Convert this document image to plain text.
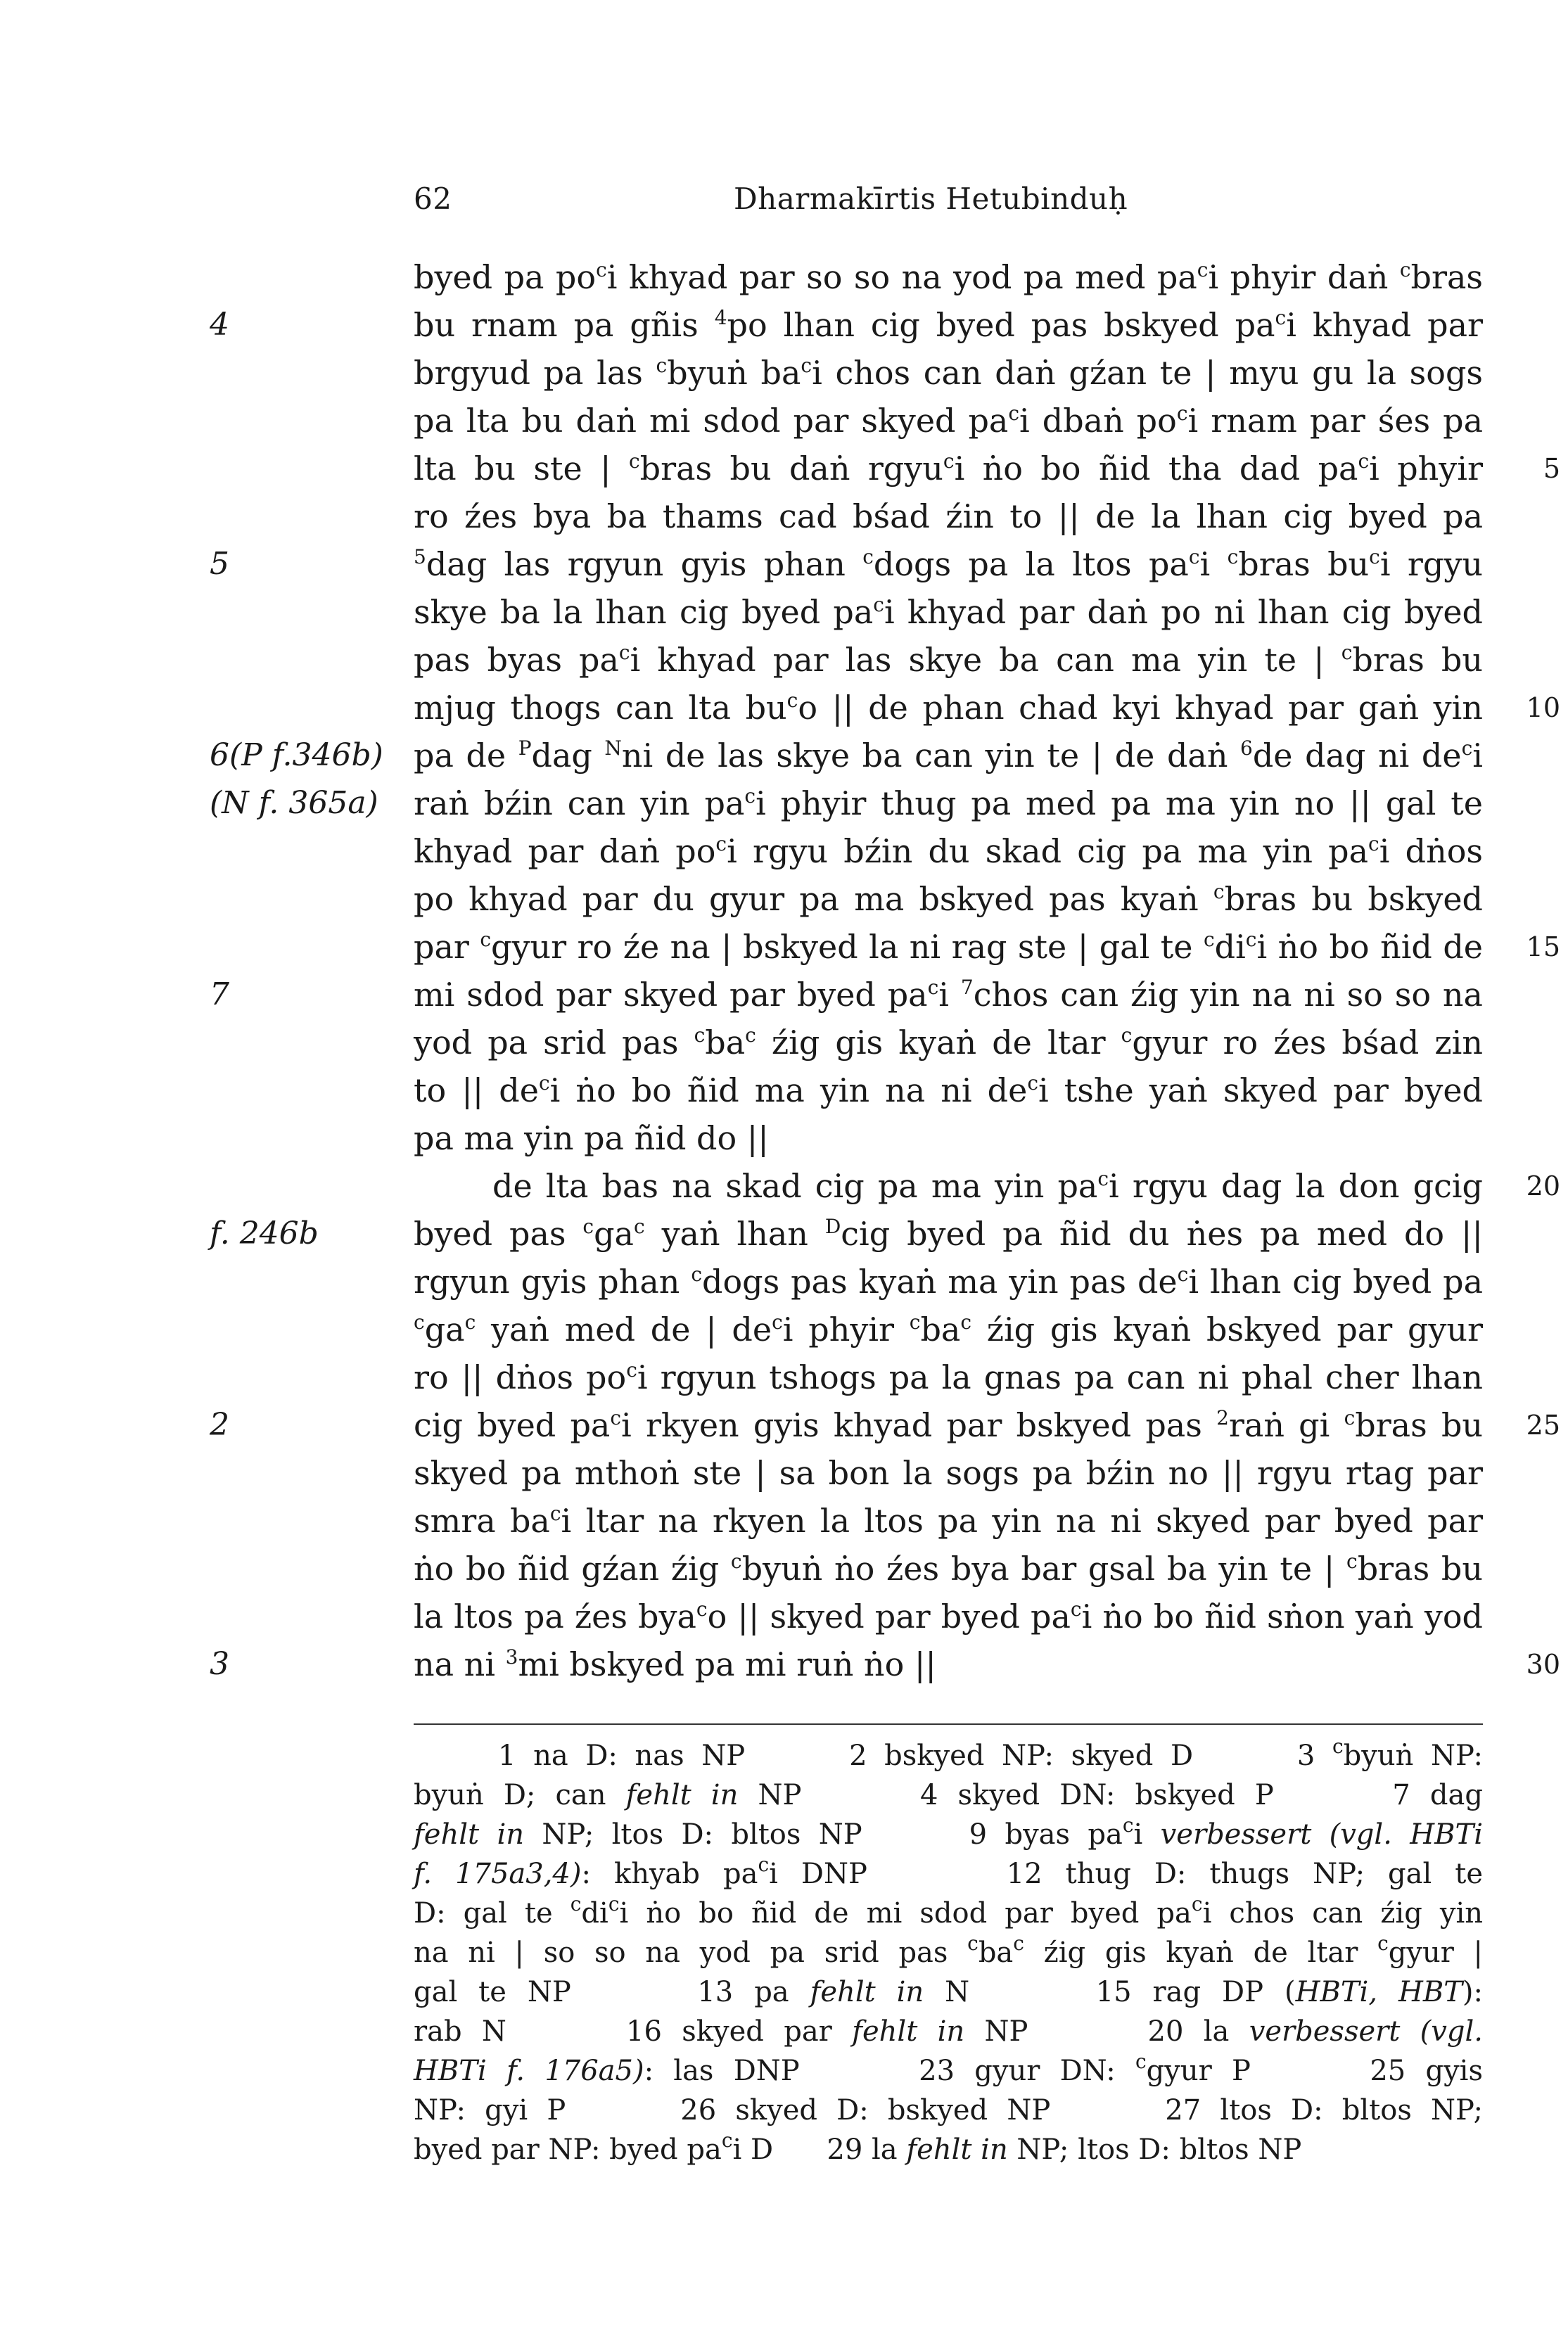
62	Dharmakīrtis Hetubinduḥ
byed pa $po^ci$ khyad par so so na yod pa med $pa^ci$ phyir daṅ $^c$bras
bu rnam pa gñis $^4$po lhan cig byed pas bskyed $pa^ci$ khyad par
4
brgyud pa las $^c$byuṅ $ba^ci$ chos can daṅ gźan te | myu gu la sogs
pa lta bu daṅ mi sdod par skyed $pa^ci$ dbaṅ $po^ci$ rnam par śes pa
lta bu ste | $^c$bras bu daṅ rgyu$^c$i ṅo bo ñid tha dad $pa^ci$ phyir 5
ro źes bya ba thams cad bśad źin to || de la lhan cig byed pa
$^5$dag las rgyun gyis phan $^c$dogs pa la ltos $pa^ci$ $^c$bras $bu^ci$ rgyu
5
skye ba la lhan cig byed $pa^ci$ khyad par daṅ po ni lhan cig byed
pas byas $pa^ci$ khyad par las skye ba can ma yin te | $^c$bras bu
mjug thogs can lta $bu^co$ || de phan chad kyi khyad par gaṅ yin 10
pa de $^P$dag $^N$ni de las skye ba can yin te | de daṅ $^6$de dag ni $de^ci$
6(P f.346b)
raṅ bźin can yin $pa^ci$ phyir thug pa med pa ma yin no || gal te
(N f. 365a)
khyad par daṅ $po^ci$ rgyu bźin du skad cig pa ma yin $pa^ci$ dṅos
po khyad par du gyur pa ma bskyed pas kyaṅ $^c$bras bu bskyed
par $^c$gyur ro źe na | bskyed la ni rag ste | gal te $^cdi^ci$ ṅo bo ñid de 15
mi sdod par skyed par byed $pa^ci$ $^7$chos can źig yin na ni so so na
7
yod pa srid pas $^cba^c$ źig gis kyaṅ de ltar $^c$gyur ro źes bśad zin
to || $de^ci$ ṅo bo ñid ma yin na ni $de^ci$ tshe yaṅ skyed par byed
pa ma yin pa ñid do ||
de lta bas na skad cig pa ma yin $pa^ci$ rgyu dag la don gcig 20
byed pas $^cga^c$ yaṅ lhan $^D$cig byed pa ñid du ṅes pa med do ||
f. 246b
rgyun gyis phan $^c$dogs pas kyaṅ ma yin pas $de^ci$ lhan cig byed pa
$^cga^c$ yaṅ med de | $de^ci$ phyir $^cba^c$ źig gis kyaṅ bskyed par gyur
ro || dṅos $po^ci$ rgyun tshogs pa la gnas pa can ni phal cher lhan
cig byed $pa^ci$ rkyen gyis khyad par bskyed pas $^2$raṅ gi $^c$bras bu
2	25
skyed pa mthoṅ ste | sa bon la sogs pa bźin no || rgyu rtag par
smra $ba^ci$ ltar na rkyen la ltos pa yin na ni skyed par byed par
ṅo bo ñid gźan źig $^c$byuṅ ṅo źes bya bar gsal ba yin te | $^c$bras bu
la ltos pa źes bya$^c$o || skyed par byed $pa^ci$ ṅo bo ñid sṅon yaṅ yod
na ni $^3$mi bskyed pa mi ruṅ ṅo ||
3	30
1 na D: nas NP      2 bskyed NP: skyed D      3 $^c$byuṅ NP:
byuṅ D; can fehlt in NP      4 skyed DN: bskyed P      7 dag
fehlt in NP; ltos D: bltos NP      9 byas $pa^ci$ verbessert (vgl. HBTi
f. 175a3,4): khyab $pa^ci$ DNP      12 thug D: thugs NP; gal te
D: gal te $^cdi^ci$ ṅo bo ñid de mi sdod par byed $pa^ci$ chos can źig yin
na ni | so so na yod pa srid pas $^cba^c$ źig gis kyaṅ de ltar $^c$gyur |
gal te NP      13 pa fehlt in N      15 rag DP (HBTi, HBT):
rab N      16 skyed par fehlt in NP      20 la verbessert (vgl.
HBTi f. 176a5): las DNP      23 gyur DN: $^c$gyur P      25 gyis
NP: gyi P      26 skyed D: bskyed NP      27 ltos D: bltos NP;
byed par NP: byed $pa^ci$ D      29 la fehlt in NP; ltos D: bltos NP
